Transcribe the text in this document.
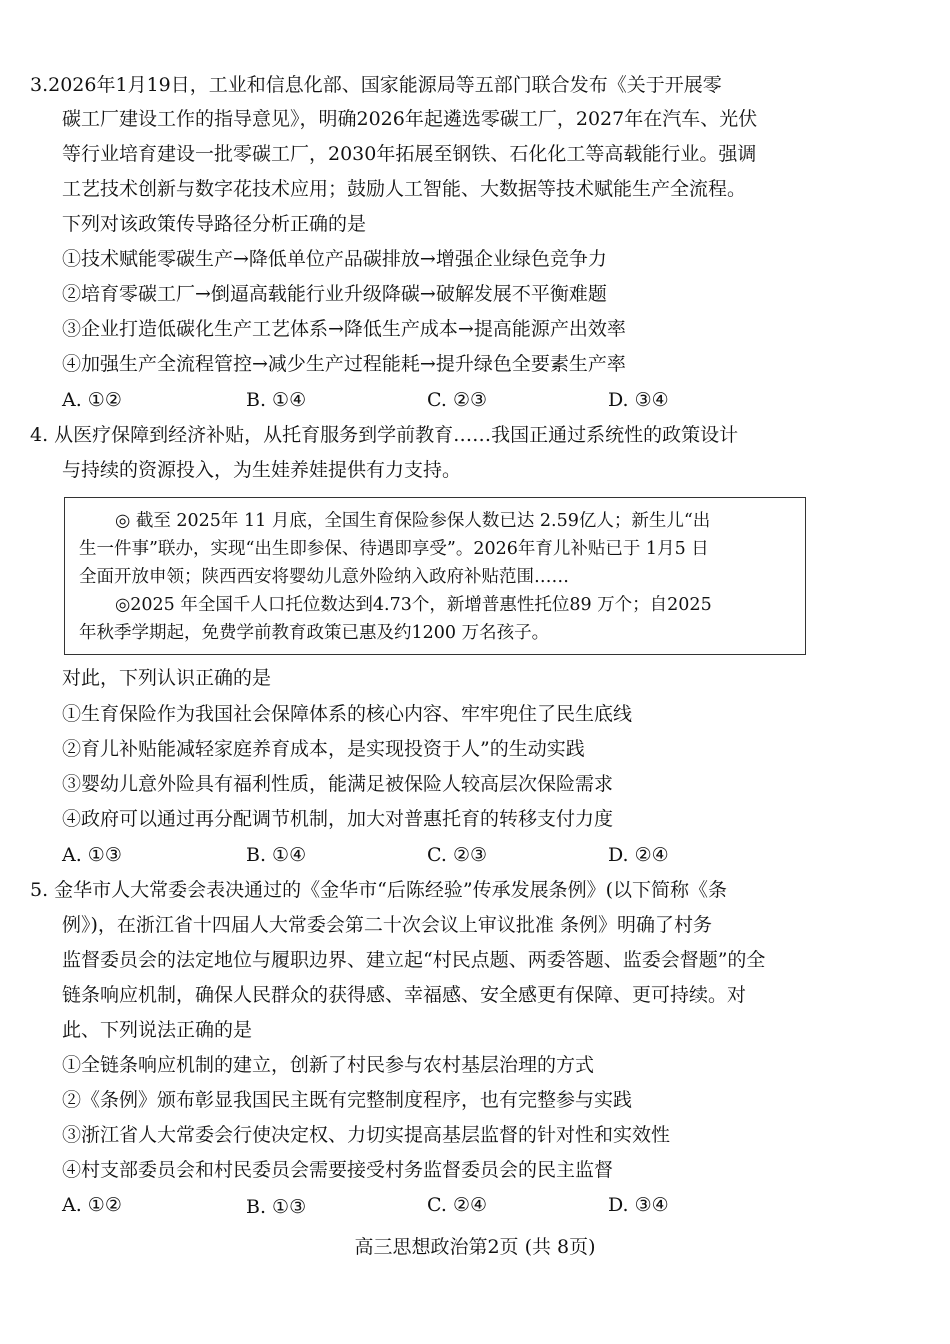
3.2026年1月19日，工业和信息化部、国家能源局等五部门联合发布《关于开展零
碳工厂建设工作的指导意见》，明确2026年起遴选零碳工厂，2027年在汽车、光伏
等行业培育建设一批零碳工厂，2030年拓展至钢铁、石化化工等高载能行业。强调
工艺技术创新与数字花技术应用；鼓励人工智能、大数据等技术赋能生产全流程。
下列对该政策传导路径分析正确的是
①技术赋能零碳生产→降低单位产品碳排放→增强企业绿色竞争力
②培育零碳工厂→倒逼高载能行业升级降碳→破解发展不平衡难题
③企业打造低碳化生产工艺体系→降低生产成本→提高能源产出效率
④加强生产全流程管控→减少生产过程能耗→提升绿色全要素生产率
A. ①②	B. ①④	C. ②③	D. ③④
4. 从医疗保障到经济补贴，从托育服务到学前教育……我国正通过系统性的政策设计
与持续的资源投入，为生娃养娃提供有力支持。
◎ 截至 2025年 11 月底，全国生育保险参保人数已达 2.59亿人；新生儿“出
生一件事”联办，实现“出生即参保、待遇即享受”。2026年育儿补贴已于 1月5 日
全面开放申领；陕西西安将婴幼儿意外险纳入政府补贴范围……
◎2025 年全国千人口托位数达到4.73个，新增普惠性托位89 万个；自2025
年秋季学期起，免费学前教育政策已惠及约1200 万名孩子。
对此，下列认识正确的是
①生育保险作为我国社会保障体系的核心内容、牢牢兜住了民生底线
②育儿补贴能减轻家庭养育成本，是实现投资于人”的生动实践
③婴幼儿意外险具有福利性质，能满足被保险人较高层次保险需求
④政府可以通过再分配调节机制，加大对普惠托育的转移支付力度
A. ①③	B. ①④	C. ②③	D. ②④
5. 金华市人大常委会表决通过的《金华市“后陈经验”传承发展条例》(以下简称《条
例》)，在浙江省十四届人大常委会第二十次会议上审议批准 条例》明确了村务
监督委员会的法定地位与履职边界、建立起“村民点题、两委答题、监委会督题”的全
链条响应机制，确保人民群众的获得感、幸福感、安全感更有保障、更可持续。对
此、下列说法正确的是
①全链条响应机制的建立，创新了村民参与农村基层治理的方式
②《条例》颁布彰显我国民主既有完整制度程序，也有完整参与实践
③浙江省人大常委会行使决定权、力切实提高基层监督的针对性和实效性
④村支部委员会和村民委员会需要接受村务监督委员会的民主监督
A. ①②	B. ①③	C. ②④	D. ③④
高三思想政治第2页 (共 8页)
